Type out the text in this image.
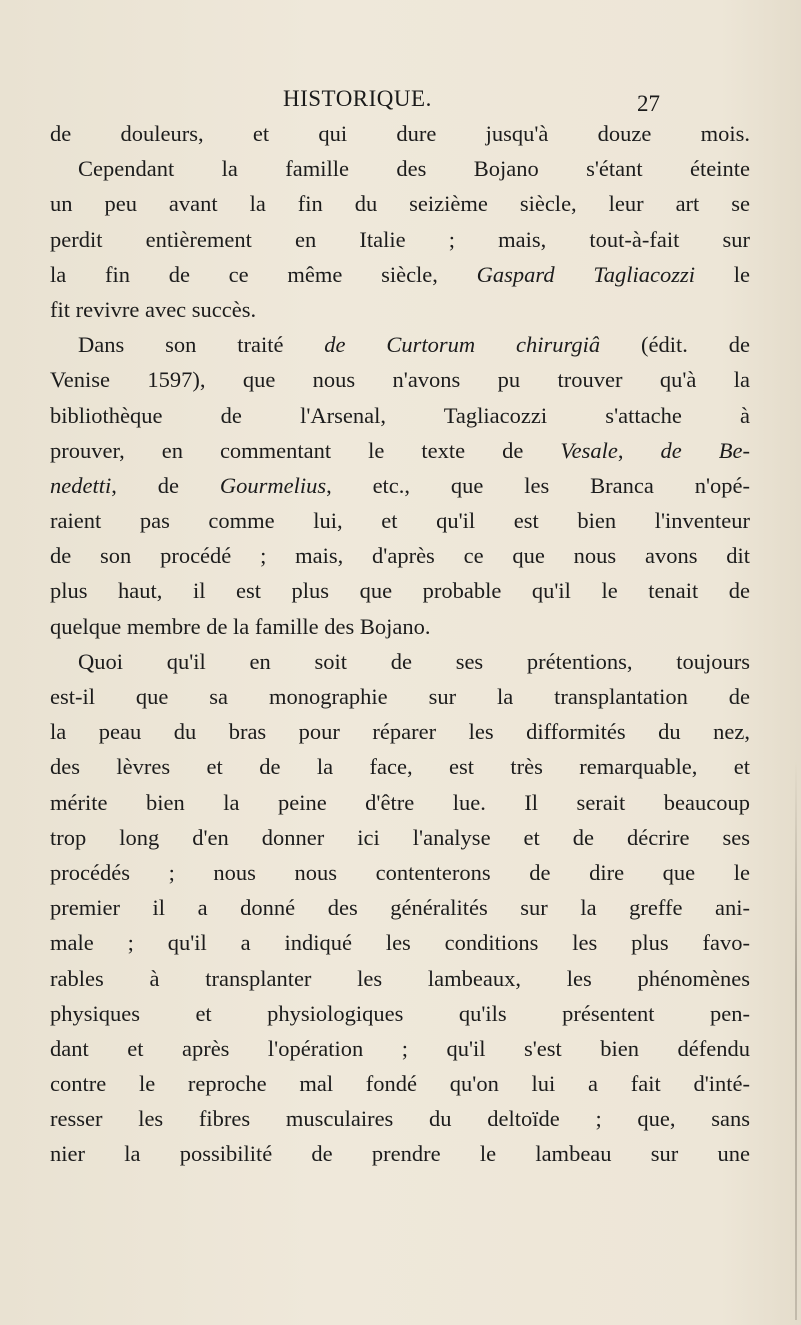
HISTORIQUE.	27
de douleurs, et qui dure jusqu'à douze mois.
Cependant la famille des Bojano s'étant éteinte
un peu avant la fin du seizième siècle, leur art se
perdit entièrement en Italie ; mais, tout-à-fait sur
la fin de ce même siècle, Gaspard Tagliacozzi le
fit revivre avec succès.
Dans son traité de Curtorum chirurgiâ (édit. de
Venise 1597), que nous n'avons pu trouver qu'à la
bibliothèque de l'Arsenal, Tagliacozzi s'attache à
prouver, en commentant le texte de Vesale, de Be-
nedetti, de Gourmelius, etc., que les Branca n'opé-
raient pas comme lui, et qu'il est bien l'inventeur
de son procédé ; mais, d'après ce que nous avons dit
plus haut, il est plus que probable qu'il le tenait de
quelque membre de la famille des Bojano.
Quoi qu'il en soit de ses prétentions, toujours
est-il que sa monographie sur la transplantation de
la peau du bras pour réparer les difformités du nez,
des lèvres et de la face, est très remarquable, et
mérite bien la peine d'être lue. Il serait beaucoup
trop long d'en donner ici l'analyse et de décrire ses
procédés ; nous nous contenterons de dire que le
premier il a donné des généralités sur la greffe ani-
male ; qu'il a indiqué les conditions les plus favo-
rables à transplanter les lambeaux, les phénomènes
physiques et physiologiques qu'ils présentent pen-
dant et après l'opération ; qu'il s'est bien défendu
contre le reproche mal fondé qu'on lui a fait d'inté-
resser les fibres musculaires du deltoïde ; que, sans
nier la possibilité de prendre le lambeau sur une
